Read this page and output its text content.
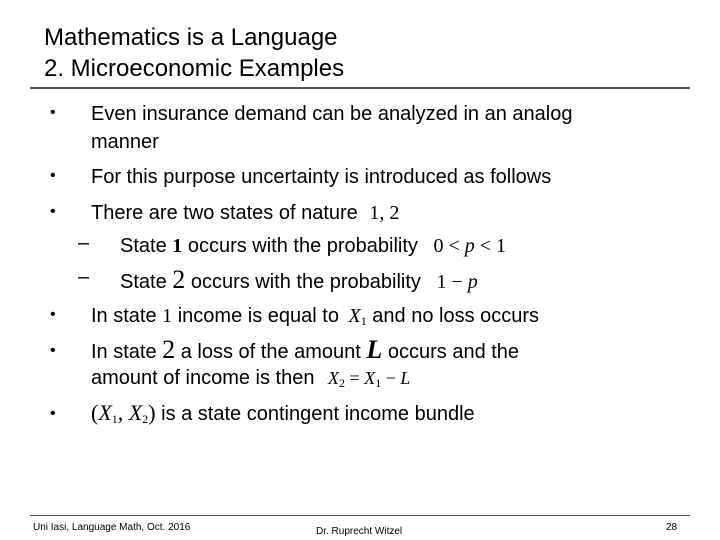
Mathematics is a Language
2. Microeconomic Examples
• Even insurance demand can be analyzed in an analog
manner
• For this purpose uncertainty is introduced as follows
• There are two states of nature 1, 2
– State 1 occurs with the probability 0 < p < 1
– State 2 occurs with the probability 1 − p
• In state 1 income is equal to $X_1$ and no loss occurs
• In state 2 a loss of the amount L occurs and the
amount of income is then $X_2 = X_1 - L$
• ($X_1$, $X_2$) is a state contingent income bundle
Uni Iasi, Language Math, Oct. 2016	Dr. Ruprecht Witzel	28
